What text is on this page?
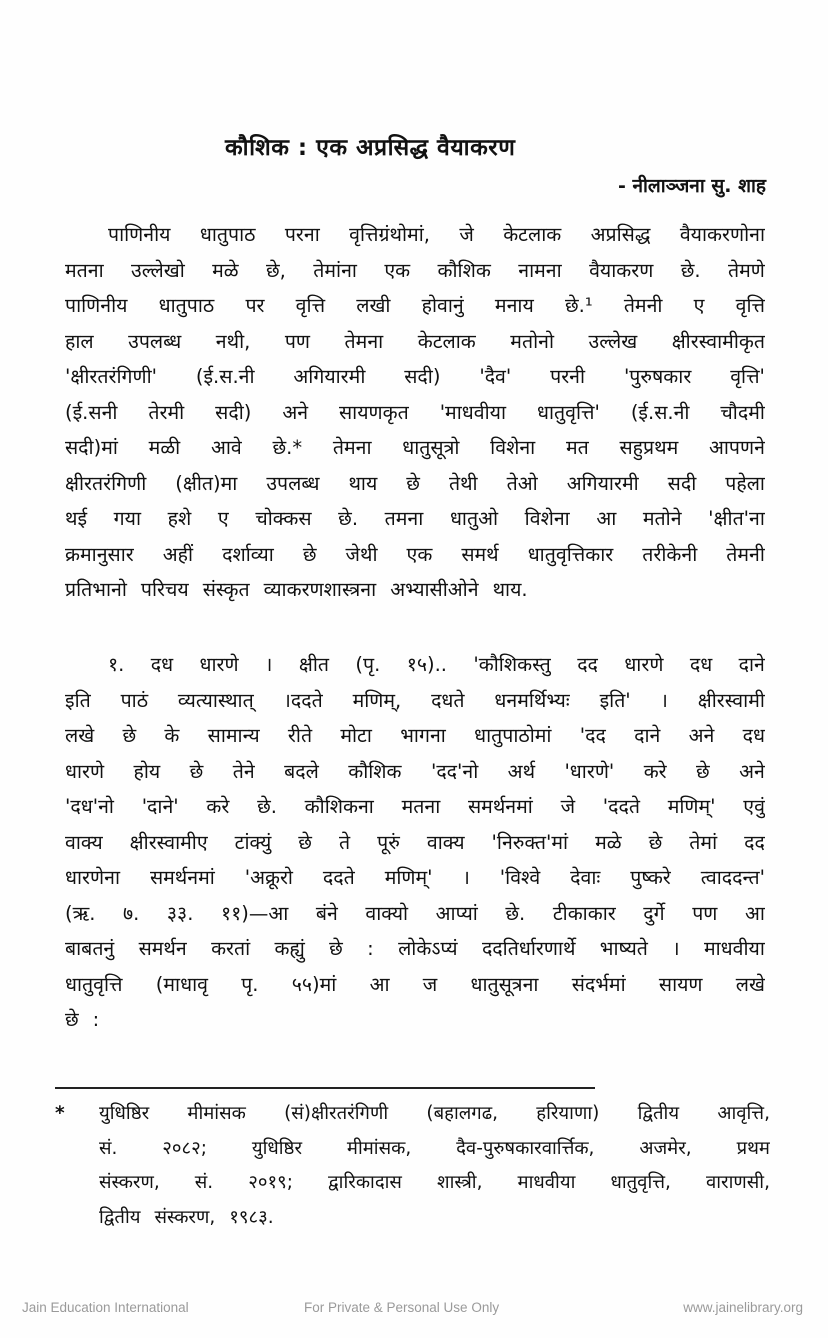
कौशिक : एक अप्रसिद्ध वैयाकरण
- नीलाञ्जना सु. शाह
पाणिनीय धातुपाठ परना वृत्तिग्रंथोमां, जे केटलाक अप्रसिद्ध वैयाकरणोना
मतना उल्लेखो मळे छे, तेमांना एक कौशिक नामना वैयाकरण छे. तेमणे
पाणिनीय धातुपाठ पर वृत्ति लखी होवानुं मनाय छे.¹ तेमनी ए वृत्ति
हाल उपलब्ध नथी, पण तेमना केटलाक मतोनो उल्लेख क्षीरस्वामीकृत
'क्षीरतरंगिणी' (ई.स.नी अगियारमी सदी) 'दैव' परनी 'पुरुषकार वृत्ति'
(ई.सनी तेरमी सदी) अने सायणकृत 'माधवीया धातुवृत्ति' (ई.स.नी चौदमी
सदी)मां मळी आवे छे.* तेमना धातुसूत्रो विशेना मत सहुप्रथम आपणने
क्षीरतरंगिणी (क्षीत)मा उपलब्ध थाय छे तेथी तेओ अगियारमी सदी पहेला
थई गया हशे ए चोक्कस छे. तमना धातुओ विशेना आ मतोने 'क्षीत'ना
क्रमानुसार अहीं दर्शाव्या छे जेथी एक समर्थ धातुवृत्तिकार तरीकेनी तेमनी
प्रतिभानो परिचय संस्कृत व्याकरणशास्त्रना अभ्यासीओने थाय.
१. दध धारणे । क्षीत (पृ. १५).. 'कौशिकस्तु दद धारणे दध दाने
इति पाठं व्यत्यास्थात् ।ददते मणिम्, दधते धनमर्थिभ्यः इति' । क्षीरस्वामी
लखे छे के सामान्य रीते मोटा भागना धातुपाठोमां 'दद दाने अने दध
धारणे होय छे तेने बदले कौशिक 'दद'नो अर्थ 'धारणे' करे छे अने
'दध'नो 'दाने' करे छे. कौशिकना मतना समर्थनमां जे 'ददते मणिम्' एवुं
वाक्य क्षीरस्वामीए टांक्युं छे ते पूरुं वाक्य 'निरुक्त'मां मळे छे तेमां दद
धारणेना समर्थनमां 'अक्रूरो ददते मणिम्' । 'विश्वे देवाः पुष्करे त्वाददन्त'
(ऋ. ७. ३३. ११)—आ बंने वाक्यो आप्यां छे. टीकाकार दुर्गे पण आ
बाबतनुं समर्थन करतां कह्युं छे : लोकेऽप्यं ददतिर्धारणार्थे भाष्यते । माधवीया
धातुवृत्ति (माधावृ पृ. ५५)मां आ ज धातुसूत्रना संदर्भमां सायण लखे
छे :
*	युधिष्ठिर मीमांसक (सं)क्षीरतरंगिणी (बहालगढ, हरियाणा) द्वितीय आवृत्ति,
सं. २०८२; युधिष्ठिर मीमांसक, दैव-पुरुषकारवार्त्तिक, अजमेर, प्रथम
संस्करण, सं. २०१९; द्वारिकादास शास्त्री, माधवीया धातुवृत्ति, वाराणसी,
द्वितीय संस्करण, १९८३.
Jain Education International	For Private & Personal Use Only	www.jainelibrary.org
